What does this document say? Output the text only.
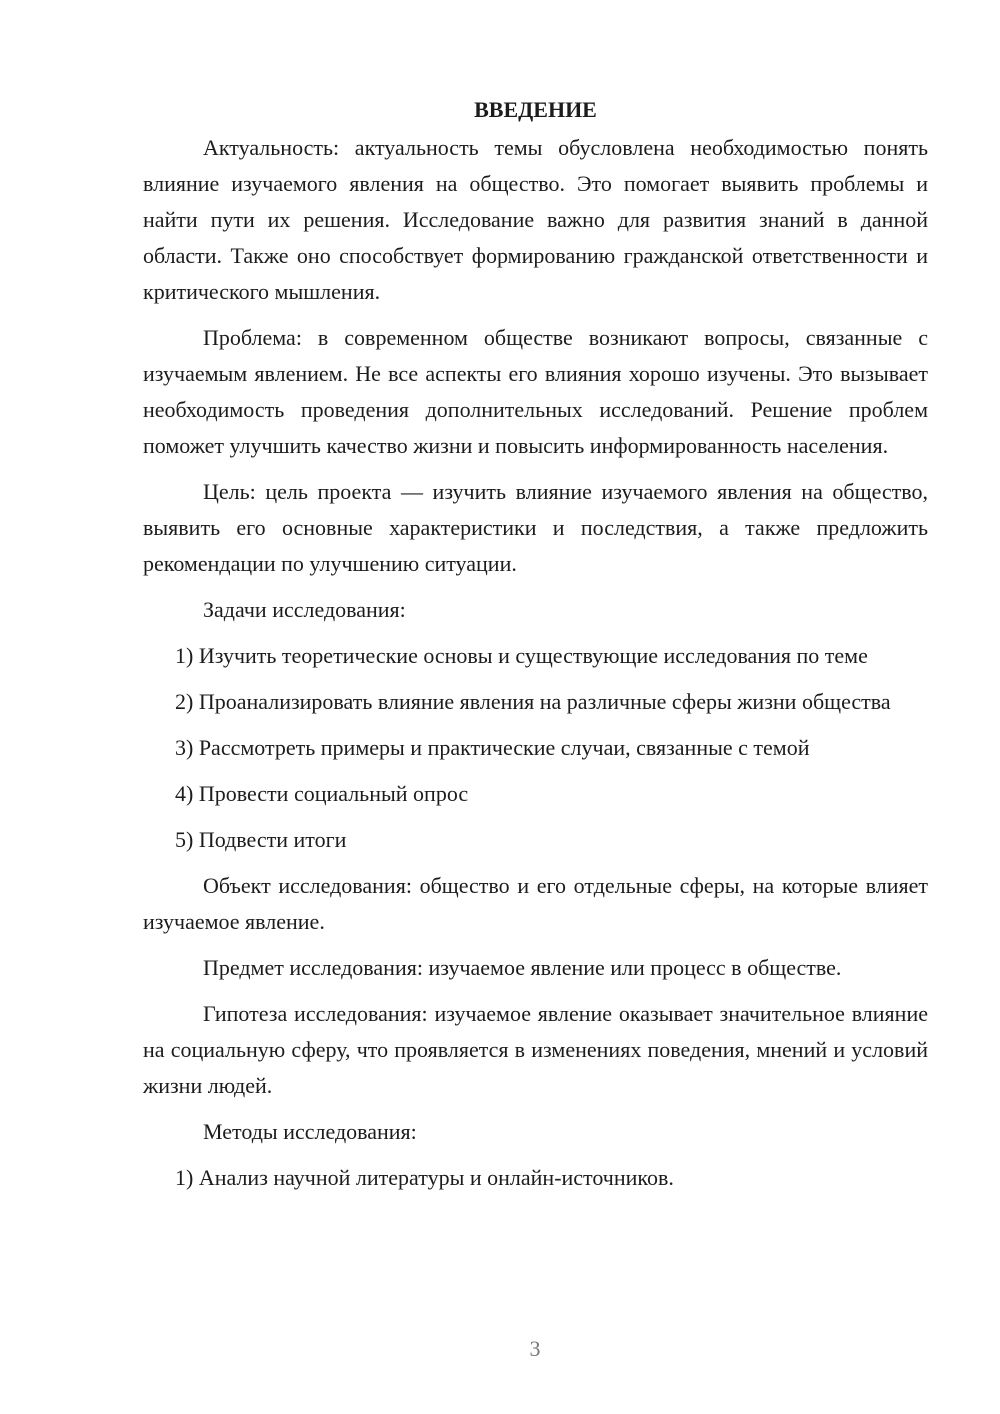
ВВЕДЕНИЕ

Актуальность: актуальность темы обусловлена необходимостью понять влияние изучаемого явления на общество. Это помогает выявить проблемы и найти пути их решения. Исследование важно для развития знаний в данной области. Также оно способствует формированию гражданской ответственности и критического мышления.

Проблема: в современном обществе возникают вопросы, связанные с изучаемым явлением. Не все аспекты его влияния хорошо изучены. Это вызывает необходимость проведения дополнительных исследований. Решение проблем поможет улучшить качество жизни и повысить информированность населения.

Цель: цель проекта — изучить влияние изучаемого явления на общество, выявить его основные характеристики и последствия, а также предложить рекомендации по улучшению ситуации.

Задачи исследования:

1) Изучить теоретические основы и существующие исследования по теме

2) Проанализировать влияние явления на различные сферы жизни общества

3) Рассмотреть примеры и практические случаи, связанные с темой

4) Провести социальный опрос

5) Подвести итоги

Объект исследования: общество и его отдельные сферы, на которые влияет изучаемое явление.

Предмет исследования: изучаемое явление или процесс в обществе.

Гипотеза исследования: изучаемое явление оказывает значительное влияние на социальную сферу, что проявляется в изменениях поведения, мнений и условий жизни людей.

Методы исследования:

1) Анализ научной литературы и онлайн-источников.

3
